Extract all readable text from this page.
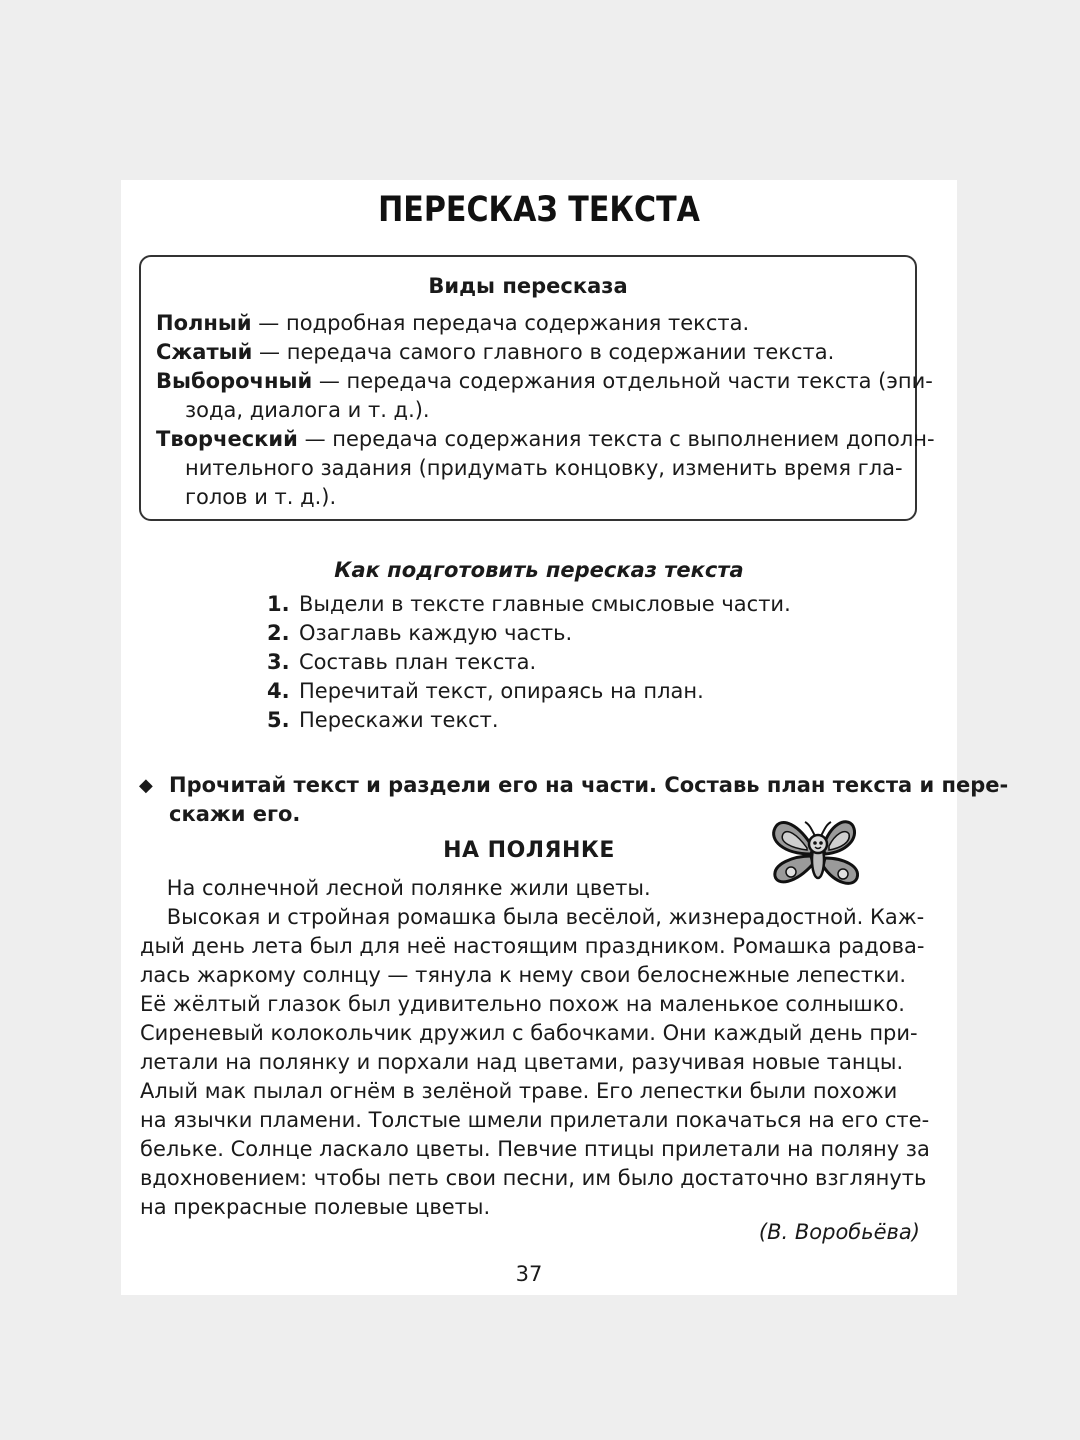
ПЕРЕСКАЗ ТЕКСТА
Виды пересказа
Полный — подробная передача содержания текста.
Сжатый — передача самого главного в содержании текста.
Выборочный — передача содержания отдельной части текста (эпи-
зода, диалога и т. д.).
Творческий — передача содержания текста с выполнением дополн-
нительного задания (придумать концовку, изменить время гла-
голов и т. д.).
Как подготовить пересказ текста
1. Выдели в тексте главные смысловые части.
2. Озаглавь каждую часть.
3. Составь план текста.
4. Перечитай текст, опираясь на план.
5. Перескажи текст.
◆ Прочитай текст и раздели его на части. Составь план текста и пере-
скажи его.
НА ПОЛЯНКЕ
На солнечной лесной полянке жили цветы.
Высокая и стройная ромашка была весёлой, жизнерадостной. Каж-
дый день лета был для неё настоящим праздником. Ромашка радова-
лась жаркому солнцу — тянула к нему свои белоснежные лепестки.
Её жёлтый глазок был удивительно похож на маленькое солнышко.
Сиреневый колокольчик дружил с бабочками. Они каждый день при-
летали на полянку и порхали над цветами, разучивая новые танцы.
Алый мак пылал огнём в зелёной траве. Его лепестки были похожи
на язычки пламени. Толстые шмели прилетали покачаться на его сте-
бельке. Солнце ласкало цветы. Певчие птицы прилетали на поляну за
вдохновением: чтобы петь свои песни, им было достаточно взглянуть
на прекрасные полевые цветы.
(В. Воробьёва)
37
